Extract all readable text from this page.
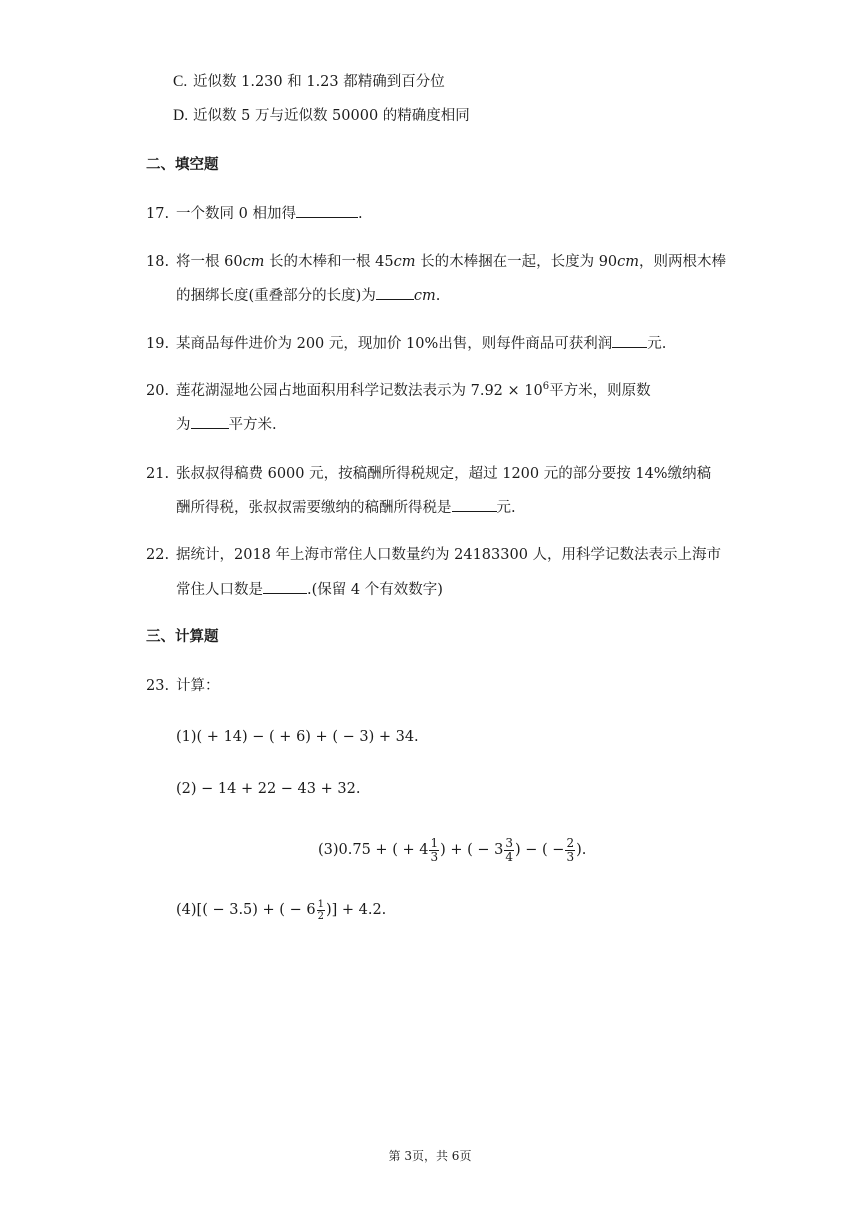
C. 近似数 1.230 和 1.23 都精确到百分位
D. 近似数 5 万与近似数 50000 的精确度相同
二、填空题
17. 一个数同 0 相加得	.
18. 将一根 60cm 长的木棒和一根 45cm 长的木棒捆在一起，长度为 90cm，则两根木棒
的捆绑长度(重叠部分的长度)为	cm.
19. 某商品每件进价为 200 元，现加价 10%出售，则每件商品可获利润 元.
20. 莲花湖湿地公园占地面积用科学记数法表示为 $7.92 \times 10^6$平方米，则原数
为	平方米.
21. 张叔叔得稿费 6000 元，按稿酬所得税规定，超过 1200 元的部分要按 14%缴纳稿
酬所得税，张叔叔需要缴纳的稿酬所得税是	元.
22. 据统计，2018 年上海市常住人口数量约为 24183300 人，用科学记数法表示上海市
常住人口数是	.(保留 4 个有效数字)
三、计算题
23. 计算：
(1)( + 14) − ( + 6) + ( − 3) + 34.
(2) − 14 + 22 − 43 + 32.
(3)0.75 + ( + $4 \frac{1}{3}$ ) + ( − $3 \frac{3}{4}$ ) − ( − $\frac{2}{3}$ ).
(4)[( − 3.5) + ( − $6 \frac{1}{2}$ )] + 4.2.
第 3页，共 6页
